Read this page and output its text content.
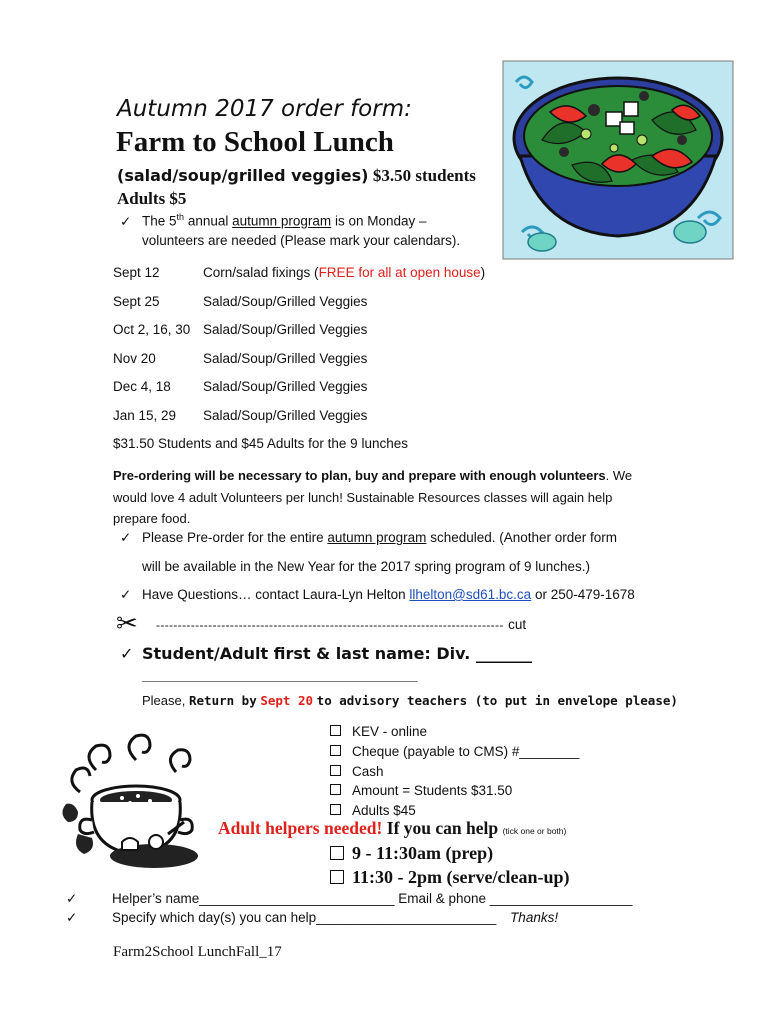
Autumn 2017 order form:
Farm to School Lunch
(salad/soup/grilled veggies) $3.50 students
Adults $5
✓ The 5th annual autumn program is on Monday –
volunteers are needed (Please mark your calendars).
Sept 12	Corn/salad fixings (FREE for all at open house)
Sept 25	Salad/Soup/Grilled Veggies
Oct 2, 16, 30 Salad/Soup/Grilled Veggies
Nov 20	Salad/Soup/Grilled Veggies
Dec 4, 18 Salad/Soup/Grilled Veggies
Jan 15, 29 Salad/Soup/Grilled Veggies
$31.50 Students and $45 Adults for the 9 lunches
Pre-ordering will be necessary to plan, buy and prepare with enough volunteers. We
would love 4 adult Volunteers per lunch! Sustainable Resources classes will again help
prepare food.
✓ Please Pre-order for the entire autumn program scheduled. (Another order form
will be available in the New Year for the 2017 spring program of 9 lunches.)
✓ Have Questions… contact Laura-Lyn Helton llhelton@sd61.bc.ca or 250-479-1678
✂ -------------------------------------------------------------------------------- cut
✓ Student/Adult first & last name: Div. _______
_________________________________
Please, Return by Sept 20 to advisory teachers (to put in envelope please)
KEV - online
Cheque (payable to CMS) #________
Cash
Amount = Students $31.50
Adults $45
Adult helpers needed! If you can help (tick one or both)
9 - 11:30am (prep)
11:30 - 2pm (serve/clean-up)
✓	Helper’s name__________________________ Email & phone ___________________
✓	Specify which day(s) you can help________________________ Thanks!
Farm2School LunchFall_17
